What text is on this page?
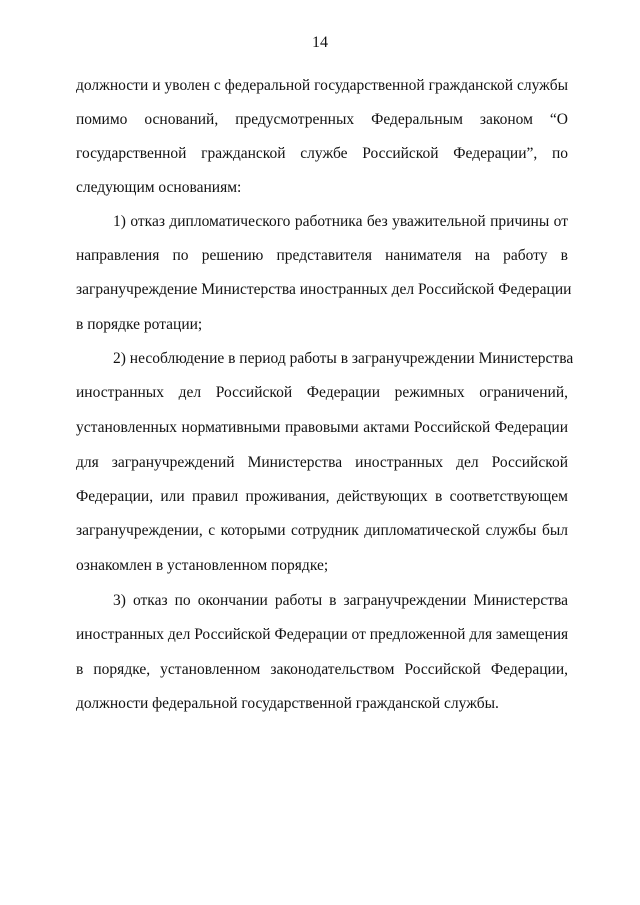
14
должности и уволен с федеральной государственной гражданской службы
помимо оснований, предусмотренных Федеральным законом “О
государственной гражданской службе Российской Федерации”, по
следующим основаниям:
1) отказ дипломатического работника без уважительной причины от
направления по решению представителя нанимателя на работу в
загранучреждение Министерства иностранных дел Российской Федерации
в порядке ротации;
2) несоблюдение в период работы в загранучреждении Министерства
иностранных дел Российской Федерации режимных ограничений,
установленных нормативными правовыми актами Российской Федерации
для загранучреждений Министерства иностранных дел Российской
Федерации, или правил проживания, действующих в соответствующем
загранучреждении, с которыми сотрудник дипломатической службы был
ознакомлен в установленном порядке;
3) отказ по окончании работы в загранучреждении Министерства
иностранных дел Российской Федерации от предложенной для замещения
в порядке, установленном законодательством Российской Федерации,
должности федеральной государственной гражданской службы.
